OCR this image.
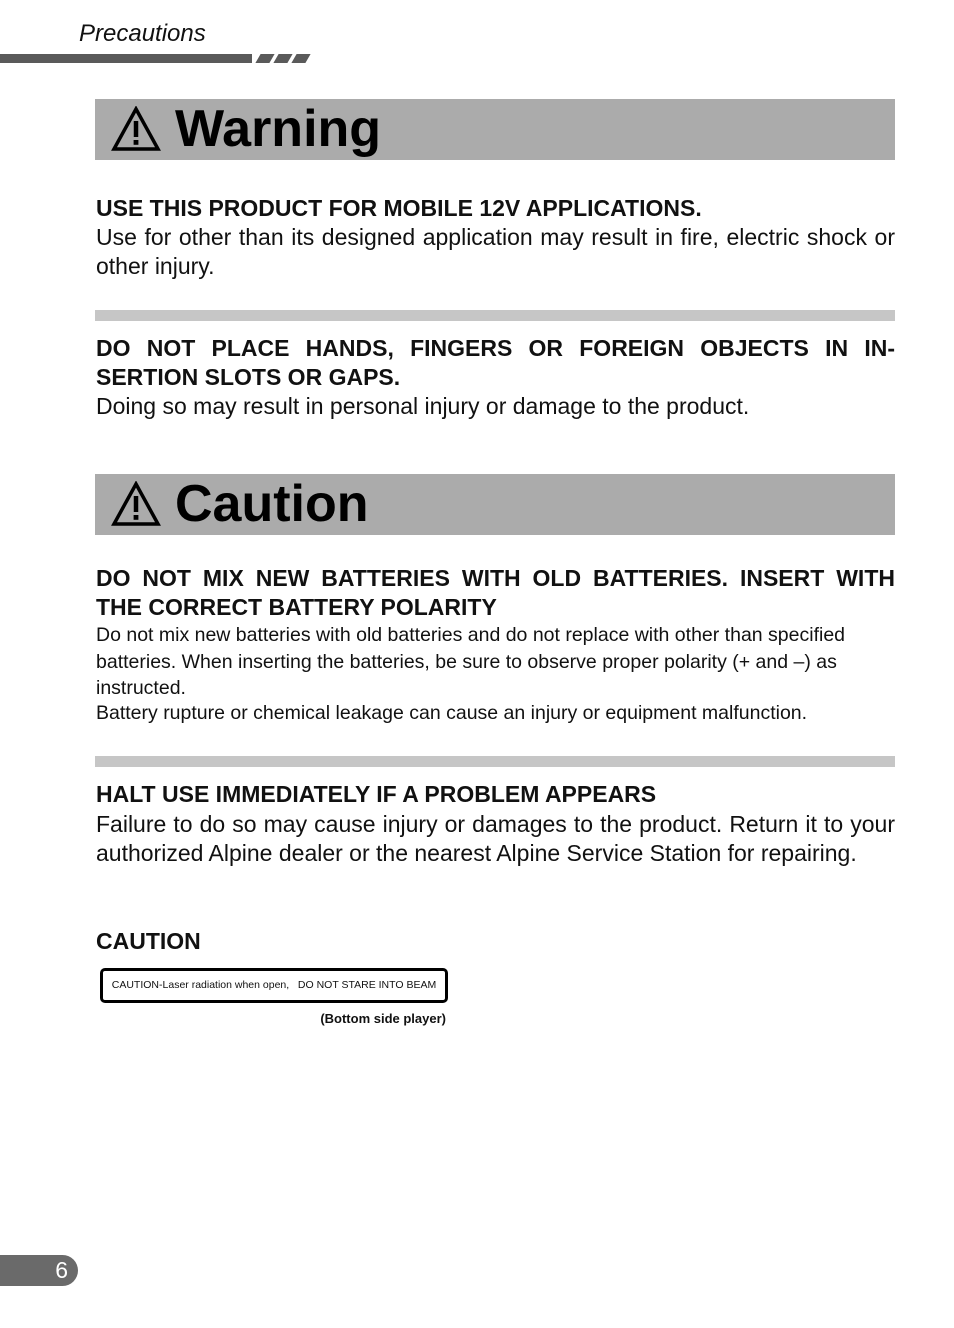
Precautions
Warning

USE THIS PRODUCT FOR MOBILE 12V APPLICATIONS.

Use for other than its designed application may result in fire, electric shock or other injury.

DO NOT PLACE HANDS, FINGERS OR FOREIGN OBJECTS IN IN-SERTION SLOTS OR GAPS.

Doing so may result in personal injury or damage to the product.

Caution

DO NOT MIX NEW BATTERIES WITH OLD BATTERIES. INSERT WITH THE CORRECT BATTERY POLARITY

Do not mix new batteries with old batteries and do not replace with other than specified batteries. When inserting the batteries, be sure to observe proper polarity (+ and –) as instructed.

Battery rupture or chemical leakage can cause an injury or equipment malfunction.

HALT USE IMMEDIATELY IF A PROBLEM APPEARS

Failure to do so may cause injury or damages to the product. Return it to your authorized Alpine dealer or the nearest Alpine Service Station for repairing.

CAUTION

CAUTION-Laser radiation when open,   DO NOT STARE INTO BEAM
(Bottom side player)
6
